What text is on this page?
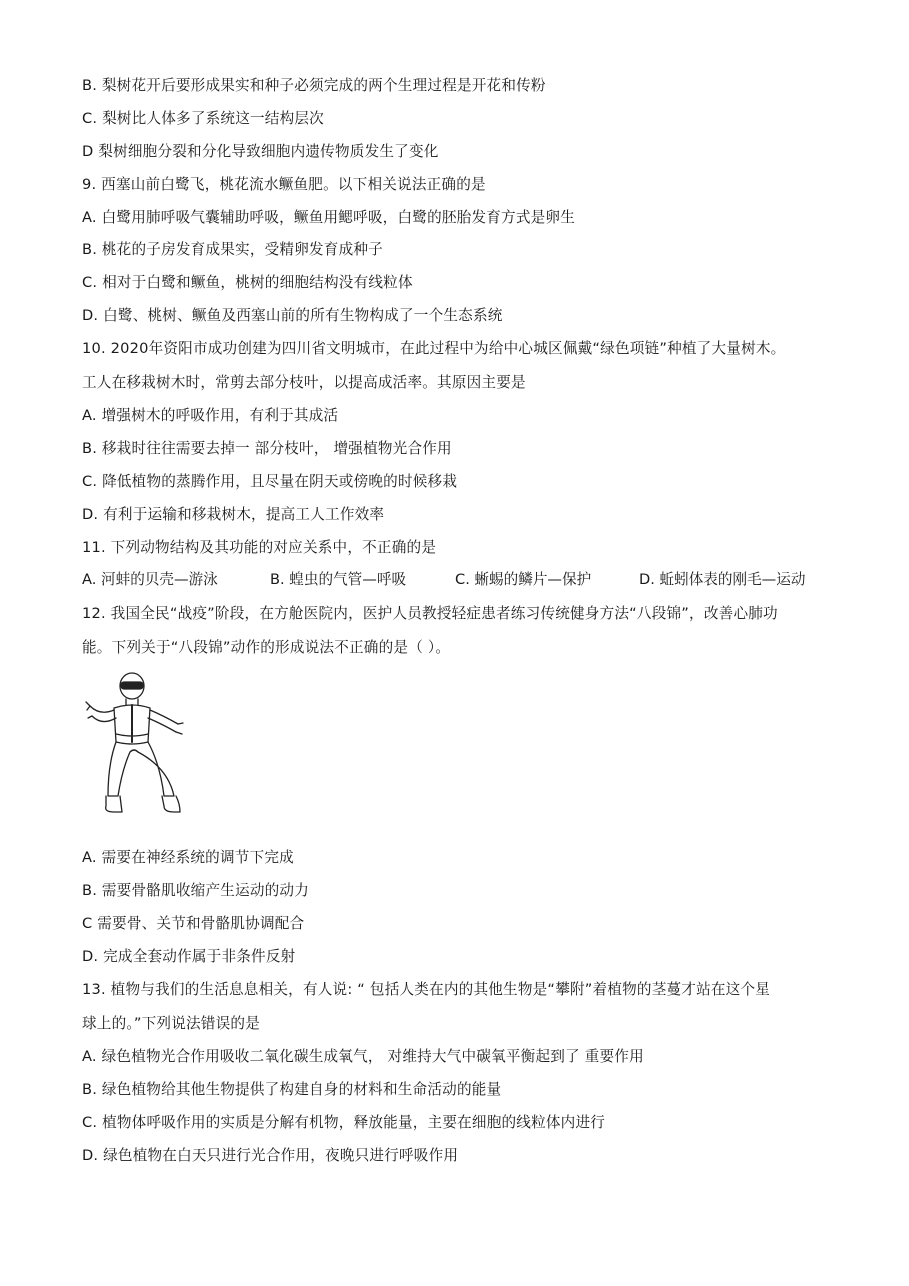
B. 梨树花开后要形成果实和种子必须完成的两个生理过程是开花和传粉
C. 梨树比人体多了系统这一结构层次
D 梨树细胞分裂和分化导致细胞内遗传物质发生了变化
9. 西塞山前白鹭飞，桃花流水鳜鱼肥。以下相关说法正确的是
A. 白鹭用肺呼吸气囊辅助呼吸，鳜鱼用鳃呼吸，白鹭的胚胎发育方式是卵生
B. 桃花的子房发育成果实，受精卵发育成种子
C. 相对于白鹭和鳜鱼，桃树的细胞结构没有线粒体
D. 白鹭、桃树、鳜鱼及西塞山前的所有生物构成了一个生态系统
10. 2020年资阳市成功创建为四川省文明城市，在此过程中为给中心城区佩戴“绿色项链”种植了大量树木。
工人在移栽树木时，常剪去部分枝叶，以提高成活率。其原因主要是
A. 增强树木的呼吸作用，有利于其成活
B. 移栽时往往需要去掉一 部分枝叶， 增强植物光合作用
C. 降低植物的蒸腾作用，且尽量在阴天或傍晚的时候移栽
D. 有利于运输和移栽树木，提高工人工作效率
11. 下列动物结构及其功能的对应关系中，不正确的是
A. 河蚌的贝壳—游泳	B. 蝗虫的气管—呼吸	C. 蜥蜴的鳞片—保护	D. 蚯蚓体表的刚毛—运动
12. 我国全民“战疫”阶段，在方舱医院内，医护人员教授轻症患者练习传统健身方法“八段锦”，改善心肺功
能。下列关于“八段锦”动作的形成说法不正确的是（ ）。
A. 需要在神经系统的调节下完成
B. 需要骨骼肌收缩产生运动的动力
C 需要骨、关节和骨骼肌协调配合
D. 完成全套动作属于非条件反射
13. 植物与我们的生活息息相关，有人说: “ 包括人类在内的其他生物是“攀附”着植物的茎蔓才站在这个星
球上的。”下列说法错误的是
A. 绿色植物光合作用吸收二氧化碳生成氧气， 对维持大气中碳氧平衡起到了 重要作用
B. 绿色植物给其他生物提供了构建自身的材料和生命活动的能量
C. 植物体呼吸作用的实质是分解有机物，释放能量，主要在细胞的线粒体内进行
D. 绿色植物在白天只进行光合作用，夜晚只进行呼吸作用
